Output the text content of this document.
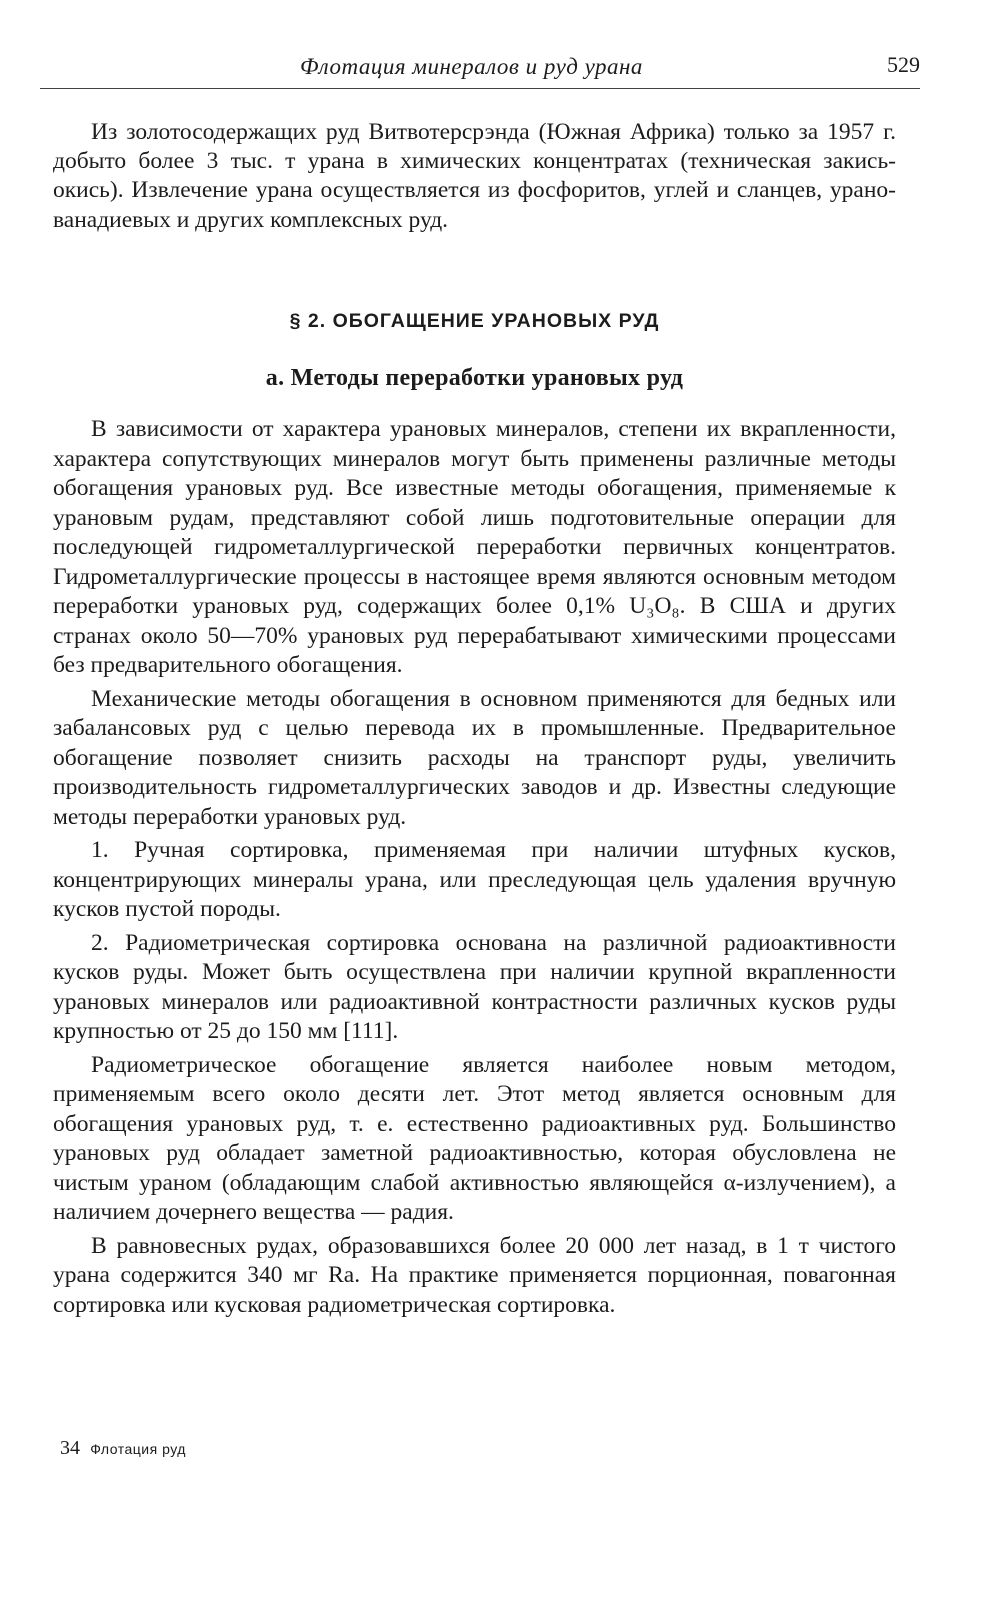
Флотация минералов и руд урана	529

Из золотосодержащих руд Витвотерсрэнда (Южная Африка) только за 1957 г. добыто более 3 тыс. т урана в химических концентратах (техническая закись-окись). Извлечение урана осуществляется из фосфоритов, углей и сланцев, урано-ванадиевых и других комплексных руд.

§ 2. ОБОГАЩЕНИЕ УРАНОВЫХ РУД
а. Методы переработки урановых руд

В зависимости от характера урановых минералов, степени их вкрапленности, характера сопутствующих минералов могут быть применены различные методы обогащения урановых руд. Все известные методы обогащения, применяемые к урановым рудам, представляют собой лишь подготовительные операции для последующей гидрометаллургической переработки первичных концентратов. Гидрометаллургические процессы в настоящее время являются основным методом переработки урановых руд, содержащих более 0,1% U₃O₈. В США и других странах около 50—70% урановых руд перерабатывают химическими процессами без предварительного обогащения.

Механические методы обогащения в основном применяются для бедных или забалансовых руд с целью перевода их в промышленные. Предварительное обогащение позволяет снизить расходы на транспорт руды, увеличить производительность гидрометаллургических заводов и др. Известны следующие методы переработки урановых руд.

1. Ручная сортировка, применяемая при наличии штуфных кусков, концентрирующих минералы урана, или преследующая цель удаления вручную кусков пустой породы.

2. Радиометрическая сортировка основана на различной радиоактивности кусков руды. Может быть осуществлена при наличии крупной вкрапленности урановых минералов или радиоактивной контрастности различных кусков руды крупностью от 25 до 150 мм [111].

Радиометрическое обогащение является наиболее новым методом, применяемым всего около десяти лет. Этот метод является основным для обогащения урановых руд, т. е. естественно радиоактивных руд. Большинство урановых руд обладает заметной радиоактивностью, которая обусловлена не чистым ураном (обладающим слабой активностью являющейся α-излучением), а наличием дочернего вещества — радия.

В равновесных рудах, образовавшихся более 20 000 лет назад, в 1 т чистого урана содержится 340 мг Ra. На практике применяется порционная, повагонная сортировка или кусковая радиометрическая сортировка.

34 Флотация руд
